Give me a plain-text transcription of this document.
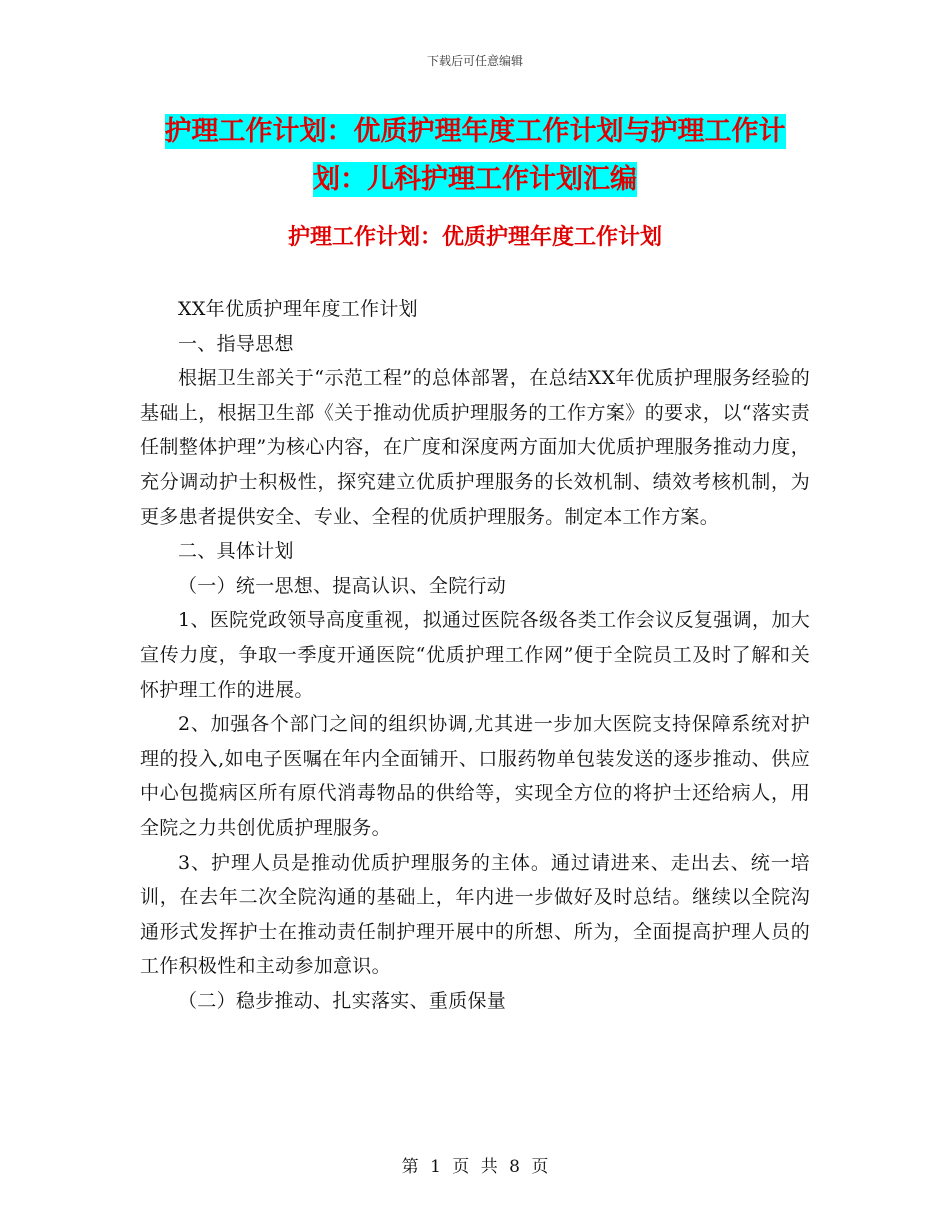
下载后可任意编辑
护理工作计划：优质护理年度工作计划与护理工作计
划：儿科护理工作计划汇编
护理工作计划：优质护理年度工作计划

XX年优质护理年度工作计划

一、指导思想

根据卫生部关于“示范工程”的总体部署，在总结XX年优质护理服务经验的基础上，根据卫生部《关于推动优质护理服务的工作方案》的要求，以“落实责任制整体护理”为核心内容，在广度和深度两方面加大优质护理服务推动力度，充分调动护士积极性，探究建立优质护理服务的长效机制、绩效考核机制，为更多患者提供安全、专业、全程的优质护理服务。制定本工作方案。

二、具体计划

（一）统一思想、提高认识、全院行动

1、医院党政领导高度重视，拟通过医院各级各类工作会议反复强调，加大宣传力度，争取一季度开通医院“优质护理工作网”便于全院员工及时了解和关怀护理工作的进展。

2、加强各个部门之间的组织协调,尤其进一步加大医院支持保障系统对护理的投入,如电子医嘱在年内全面铺开、口服药物单包装发送的逐步推动、供应中心包揽病区所有原代消毒物品的供给等，实现全方位的将护士还给病人，用全院之力共创优质护理服务。

3、护理人员是推动优质护理服务的主体。通过请进来、走出去、统一培训，在去年二次全院沟通的基础上，年内进一步做好及时总结。继续以全院沟通形式发挥护士在推动责任制护理开展中的所想、所为，全面提高护理人员的工作积极性和主动参加意识。

（二）稳步推动、扎实落实、重质保量

第 1 页 共 8 页
